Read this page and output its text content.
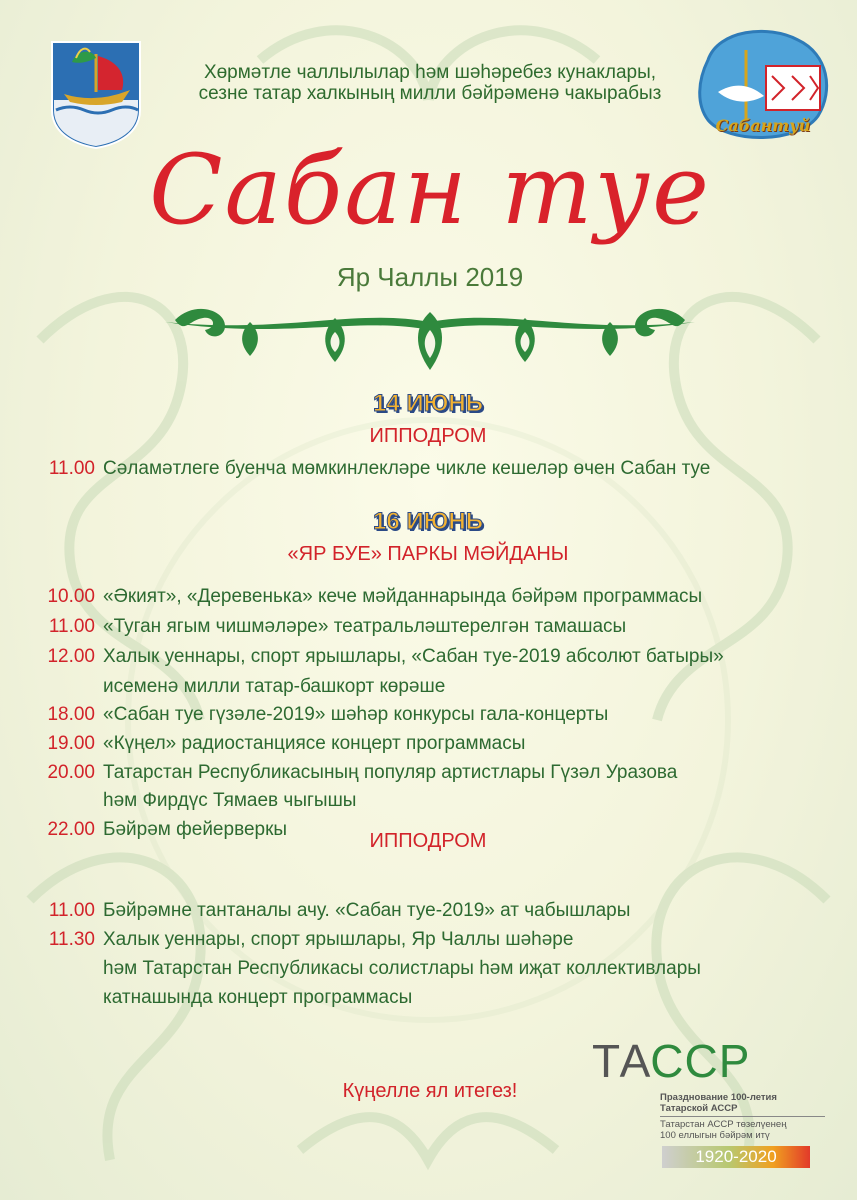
Хөрмәтле чаллылылар һәм шәһәребез кунаклары,
сезне татар халкының милли бәйрәменә чакырабыз
Сабантуй
Сабан туе
Яр Чаллы 2019
14 ИЮНЬ
ИППОДРОМ
11.00 Сәламәтлеге буенча мөмкинлекләре чикле кешеләр өчен Сабан туе
16 ИЮНЬ
«ЯР БУЕ» ПАРКЫ МӘЙДАНЫ
10.00 «Әкият», «Деревенька» кече мәйданнарында бәйрәм программасы
11.00 «Туган ягым чишмәләре» театральләштерелгән тамашасы
12.00 Халык уеннары, спорт ярышлары, «Сабан туе-2019 абсолют батыры»
исеменә милли татар-башкорт көрәше
18.00 «Сабан туе гүзәле-2019» шәһәр конкурсы гала-концерты
19.00 «Күңел» радиостанциясе концерт программасы
20.00 Татарстан Республикасының популяр артистлары Гүзәл Уразова
һәм Фирдүс Тямаев чыгышы
22.00 Бәйрәм фейерверкы
ИППОДРОМ
11.00 Бәйрәмне тантаналы ачу. «Сабан туе-2019» ат чабышлары
11.30 Халык уеннары, спорт ярышлары, Яр Чаллы шәһәре
һәм Татарстан Республикасы солистлары һәм иҗат коллективлары
катнашында концерт программасы
Күңелле ял итегез!
ТАССР
Празднование 100-летия
Татарской АССР
Татарстан АССР төзелүенең
100 еллыгын бәйрәм итү
1920-2020
